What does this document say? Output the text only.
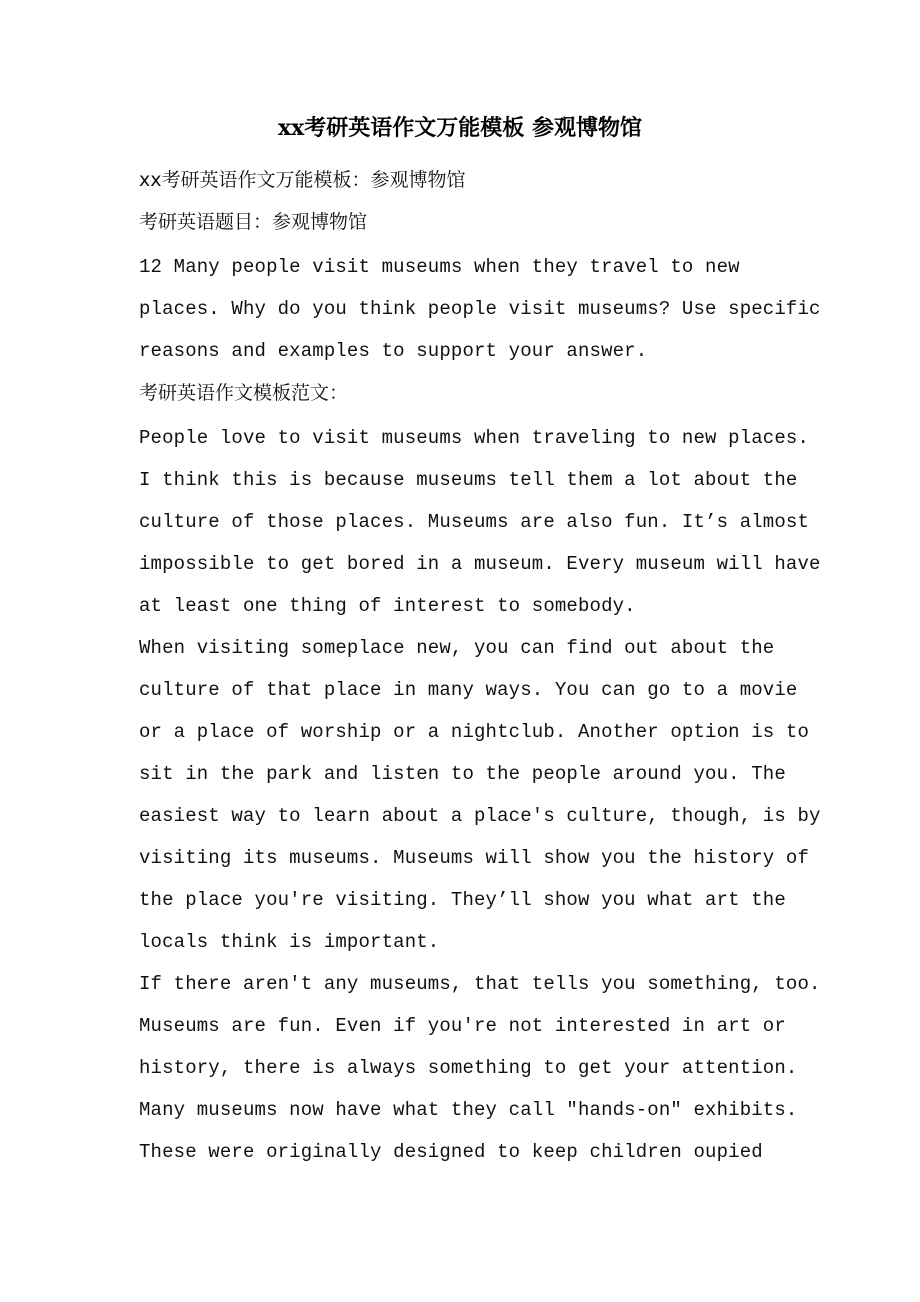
xx考研英语作文万能模板 参观博物馆

xx考研英语作文万能模板：参观博物馆

考研英语题目：参观博物馆

12 Many people visit museums when they travel to new

places. Why do you think people visit museums? Use specific

reasons and examples to support your answer.

考研英语作文模板范文：

People love to visit museums when traveling to new places.

I think this is because museums tell them a lot about the

culture of those places. Museums are also fun. It’s almost

impossible to get bored in a museum. Every museum will have

at least one thing of interest to somebody.

When visiting someplace new, you can find out about the

culture of that place in many ways. You can go to a movie

or a place of worship or a nightclub. Another option is to

sit in the park and listen to the people around you. The

easiest way to learn about a place's culture, though, is by

visiting its museums. Museums will show you the history of

the place you're visiting. They’ll show you what art the

locals think is important.

If there aren't any museums, that tells you something, too.

Museums are fun. Even if you're not interested in art or

history, there is always something to get your attention.

Many museums now have what they call "hands-on" exhibits.

These were originally designed to keep children oupied
